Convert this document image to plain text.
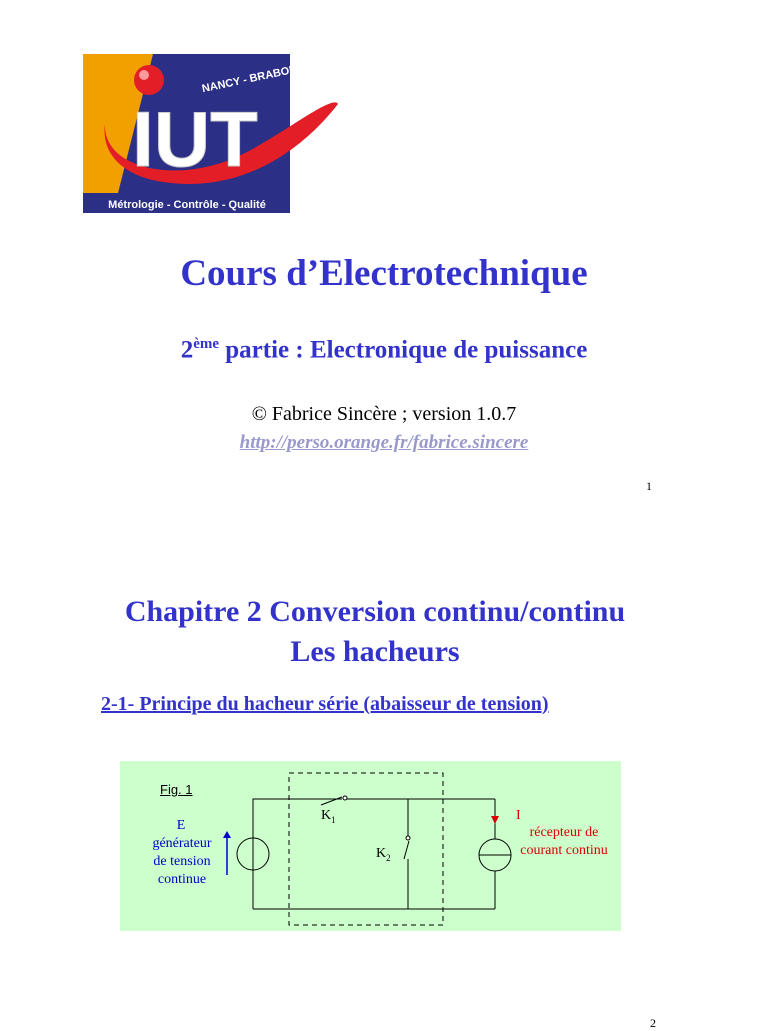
NANCY - BRABOIS
IUT
Métrologie - Contrôle - Qualité
Cours d’Electrotechnique
2ème partie : Electronique de puissance
© Fabrice Sincère ; version 1.0.7
http://perso.orange.fr/fabrice.sincere
1
Chapitre 2 Conversion continu/continu
Les hacheurs
2-1- Principe du hacheur série (abaisseur de tension)
Fig. 1
E
générateur
de tension
continue
$K_1$
$K_2$
I
récepteur de
courant continu
2
